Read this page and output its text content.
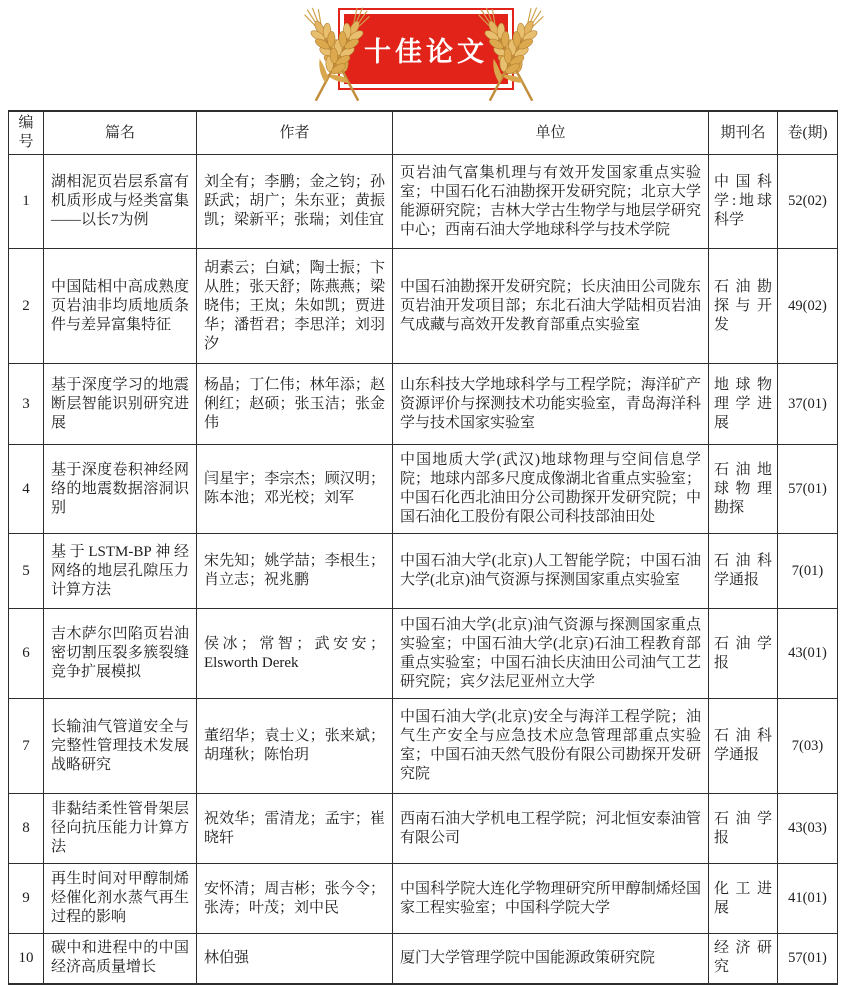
十佳论文
编号	篇名	作者	单位	期刊名	卷(期)
1	湖相泥页岩层系富有机质形成与烃类富集——以长7为例	刘全有；李鹏；金之钧；孙跃武；胡广；朱东亚；黄振凯；梁新平；张瑞；刘佳宜	页岩油气富集机理与有效开发国家重点实验室；中国石化石油勘探开发研究院；北京大学能源研究院；吉林大学古生物学与地层学研究中心；西南石油大学地球科学与技术学院	中国科学:地球科学	52(02)
2	中国陆相中高成熟度页岩油非均质地质条件与差异富集特征	胡素云；白斌；陶士振；卞从胜；张天舒；陈燕燕；梁晓伟；王岚；朱如凯；贾进华；潘哲君；李思洋；刘羽汐	中国石油勘探开发研究院；长庆油田公司陇东页岩油开发项目部；东北石油大学陆相页岩油气成藏与高效开发教育部重点实验室	石油勘探与开发	49(02)
3	基于深度学习的地震断层智能识别研究进展	杨晶；丁仁伟；林年添；赵俐红；赵硕；张玉洁；张金伟	山东科技大学地球科学与工程学院；海洋矿产资源评价与探测技术功能实验室，青岛海洋科学与技术国家实验室	地球物理学进展	37(01)
4	基于深度卷积神经网络的地震数据溶洞识别	闫星宇；李宗杰；顾汉明；陈本池；邓光校；刘军	中国地质大学(武汉)地球物理与空间信息学院；地球内部多尺度成像湖北省重点实验室；中国石化西北油田分公司勘探开发研究院；中国石油化工股份有限公司科技部油田处	石油地球物理勘探	57(01)
5	基于LSTM-BP神经网络的地层孔隙压力计算方法	宋先知；姚学喆；李根生；肖立志；祝兆鹏	中国石油大学(北京)人工智能学院；中国石油大学(北京)油气资源与探测国家重点实验室	石油科学通报	7(01)
6	吉木萨尔凹陷页岩油密切割压裂多簇裂缝竞争扩展模拟	侯冰；常智；武安安；Elsworth Derek	中国石油大学(北京)油气资源与探测国家重点实验室；中国石油大学(北京)石油工程教育部重点实验室；中国石油长庆油田公司油气工艺研究院；宾夕法尼亚州立大学	石油学报	43(01)
7	长输油气管道安全与完整性管理技术发展战略研究	董绍华；袁士义；张来斌；胡瑾秋；陈怡玥	中国石油大学(北京)安全与海洋工程学院；油气生产安全与应急技术应急管理部重点实验室；中国石油天然气股份有限公司勘探开发研究院	石油科学通报	7(03)
8	非黏结柔性管骨架层径向抗压能力计算方法	祝效华；雷清龙；孟宇；崔晓轩	西南石油大学机电工程学院；河北恒安泰油管有限公司	石油学报	43(03)
9	再生时间对甲醇制烯烃催化剂水蒸气再生过程的影响	安怀清；周吉彬；张今令；张涛；叶茂；刘中民	中国科学院大连化学物理研究所甲醇制烯烃国家工程实验室；中国科学院大学	化工进展	41(01)
10	碳中和进程中的中国经济高质量增长	林伯强	厦门大学管理学院中国能源政策研究院	经济研究	57(01)
